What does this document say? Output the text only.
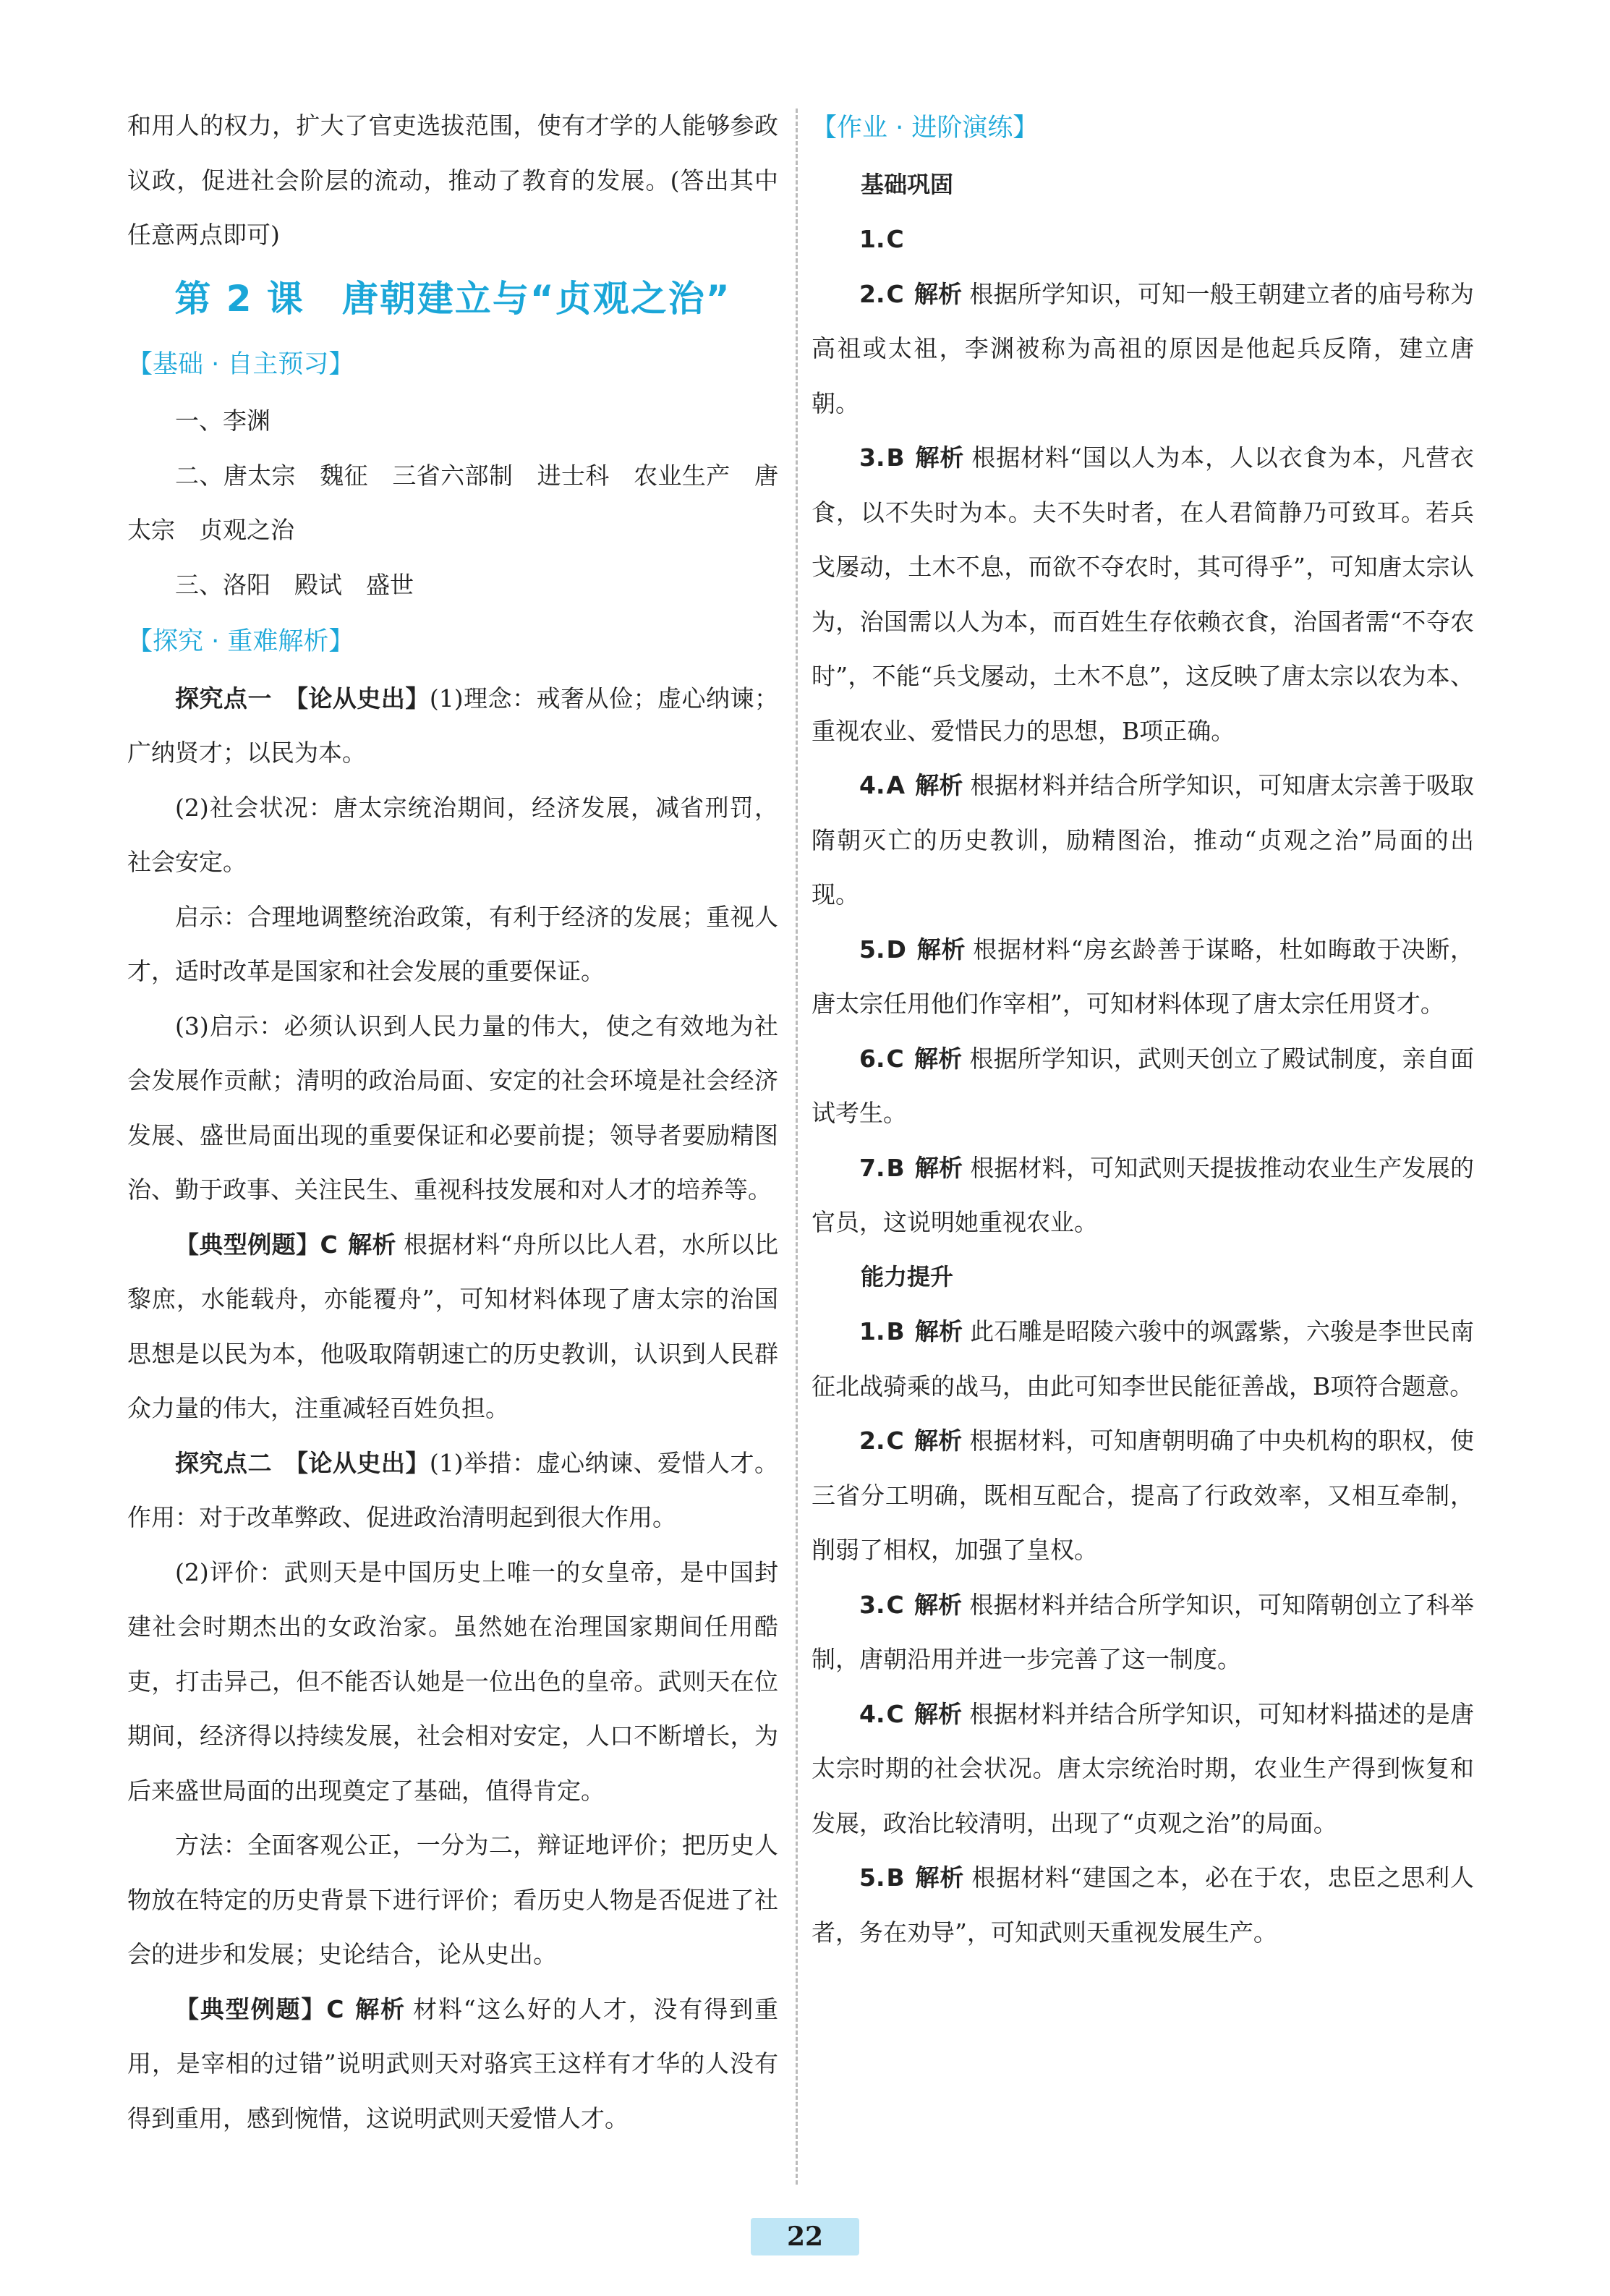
和用人的权力，扩大了官吏选拔范围，使有才学的人能够参政议政，促进社会阶层的流动，推动了教育的发展。(答出其中任意两点即可)

第 2 课　唐朝建立与“贞观之治”
【基础 · 自主预习】

一、李渊

二、唐太宗　魏征　三省六部制　进士科　农业生产　唐太宗　贞观之治

三、洛阳　殿试　盛世

【探究 · 重难解析】

探究点一　【论从史出】(1)理念：戒奢从俭；虚心纳谏；广纳贤才；以民为本。

(2)社会状况：唐太宗统治期间，经济发展，减省刑罚，社会安定。

启示：合理地调整统治政策，有利于经济的发展；重视人才，适时改革是国家和社会发展的重要保证。

(3)启示：必须认识到人民力量的伟大，使之有效地为社会发展作贡献；清明的政治局面、安定的社会环境是社会经济发展、盛世局面出现的重要保证和必要前提；领导者要励精图治、勤于政事、关注民生、重视科技发展和对人才的培养等。

【典型例题】C 解析 根据材料“舟所以比人君，水所以比黎庶，水能载舟，亦能覆舟”，可知材料体现了唐太宗的治国思想是以民为本，他吸取隋朝速亡的历史教训，认识到人民群众力量的伟大，注重减轻百姓负担。

探究点二　【论从史出】(1)举措：虚心纳谏、爱惜人才。作用：对于改革弊政、促进政治清明起到很大作用。

(2)评价：武则天是中国历史上唯一的女皇帝，是中国封建社会时期杰出的女政治家。虽然她在治理国家期间任用酷吏，打击异己，但不能否认她是一位出色的皇帝。武则天在位期间，经济得以持续发展，社会相对安定，人口不断增长，为后来盛世局面的出现奠定了基础，值得肯定。

方法：全面客观公正，一分为二，辩证地评价；把历史人物放在特定的历史背景下进行评价；看历史人物是否促进了社会的进步和发展；史论结合，论从史出。

【典型例题】C 解析 材料“这么好的人才，没有得到重用，是宰相的过错”说明武则天对骆宾王这样有才华的人没有得到重用，感到惋惜，这说明武则天爱惜人才。

【作业 · 进阶演练】
基础巩固

1.C

2.C 解析 根据所学知识，可知一般王朝建立者的庙号称为高祖或太祖，李渊被称为高祖的原因是他起兵反隋，建立唐朝。

3.B 解析 根据材料“国以人为本，人以衣食为本，凡营衣食，以不失时为本。夫不失时者，在人君简静乃可致耳。若兵戈屡动，土木不息，而欲不夺农时，其可得乎”，可知唐太宗认为，治国需以人为本，而百姓生存依赖衣食，治国者需“不夺农时”，不能“兵戈屡动，土木不息”，这反映了唐太宗以农为本、重视农业、爱惜民力的思想，B项正确。

4.A 解析 根据材料并结合所学知识，可知唐太宗善于吸取隋朝灭亡的历史教训，励精图治，推动“贞观之治”局面的出现。

5.D 解析 根据材料“房玄龄善于谋略，杜如晦敢于决断，唐太宗任用他们作宰相”，可知材料体现了唐太宗任用贤才。

6.C 解析 根据所学知识，武则天创立了殿试制度，亲自面试考生。

7.B 解析 根据材料，可知武则天提拔推动农业生产发展的官员，这说明她重视农业。

能力提升

1.B 解析 此石雕是昭陵六骏中的飒露紫，六骏是李世民南征北战骑乘的战马，由此可知李世民能征善战，B项符合题意。

2.C 解析 根据材料，可知唐朝明确了中央机构的职权，使三省分工明确，既相互配合，提高了行政效率，又相互牵制，削弱了相权，加强了皇权。

3.C 解析 根据材料并结合所学知识，可知隋朝创立了科举制，唐朝沿用并进一步完善了这一制度。

4.C 解析 根据材料并结合所学知识，可知材料描述的是唐太宗时期的社会状况。唐太宗统治时期，农业生产得到恢复和发展，政治比较清明，出现了“贞观之治”的局面。

5.B 解析 根据材料“建国之本，必在于农，忠臣之思利人者，务在劝导”，可知武则天重视发展生产。

22
